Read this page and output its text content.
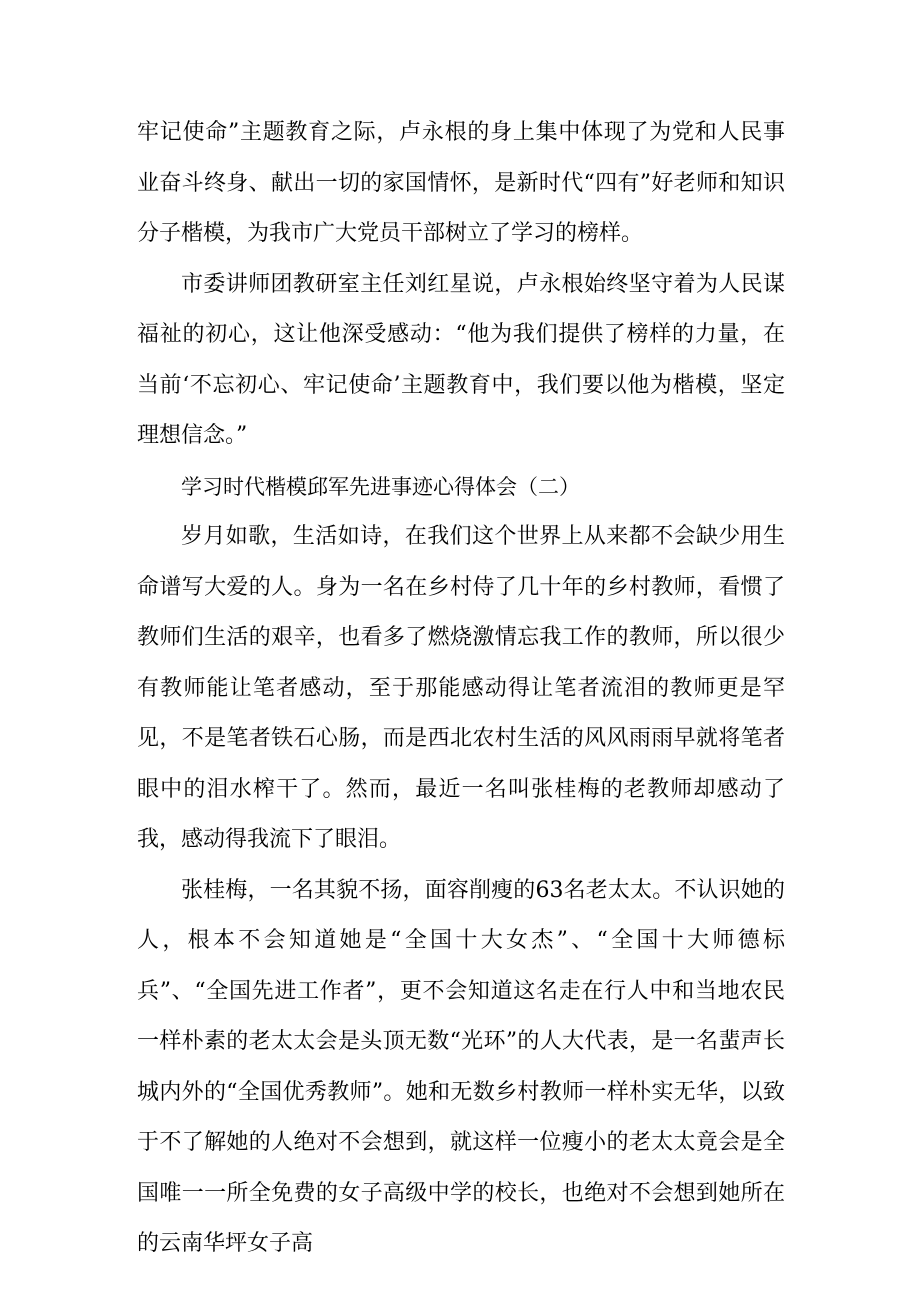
牢记使命”主题教育之际，卢永根的身上集中体现了为党和人民事业奋斗终身、献出一切的家国情怀，是新时代“四有”好老师和知识分子楷模，为我市广大党员干部树立了学习的榜样。

市委讲师团教研室主任刘红星说，卢永根始终坚守着为人民谋福祉的初心，这让他深受感动：“他为我们提供了榜样的力量，在当前‘不忘初心、牢记使命’主题教育中，我们要以他为楷模，坚定理想信念。”

学习时代楷模邱军先进事迹心得体会（二）

岁月如歌，生活如诗，在我们这个世界上从来都不会缺少用生命谱写大爱的人。身为一名在乡村侍了几十年的乡村教师，看惯了教师们生活的艰辛，也看多了燃烧激情忘我工作的教师，所以很少有教师能让笔者感动，至于那能感动得让笔者流泪的教师更是罕见，不是笔者铁石心肠，而是西北农村生活的风风雨雨早就将笔者眼中的泪水榨干了。然而，最近一名叫张桂梅的老教师却感动了我，感动得我流下了眼泪。

张桂梅，一名其貌不扬，面容削瘦的63名老太太。不认识她的人，根本不会知道她是“全国十大女杰”、“全国十大师德标兵”、“全国先进工作者”，更不会知道这名走在行人中和当地农民一样朴素的老太太会是头顶无数“光环”的人大代表，是一名蜚声长城内外的“全国优秀教师”。她和无数乡村教师一样朴实无华，以致于不了解她的人绝对不会想到，就这样一位瘦小的老太太竟会是全国唯一一所全免费的女子高级中学的校长，也绝对不会想到她所在的云南华坪女子高
